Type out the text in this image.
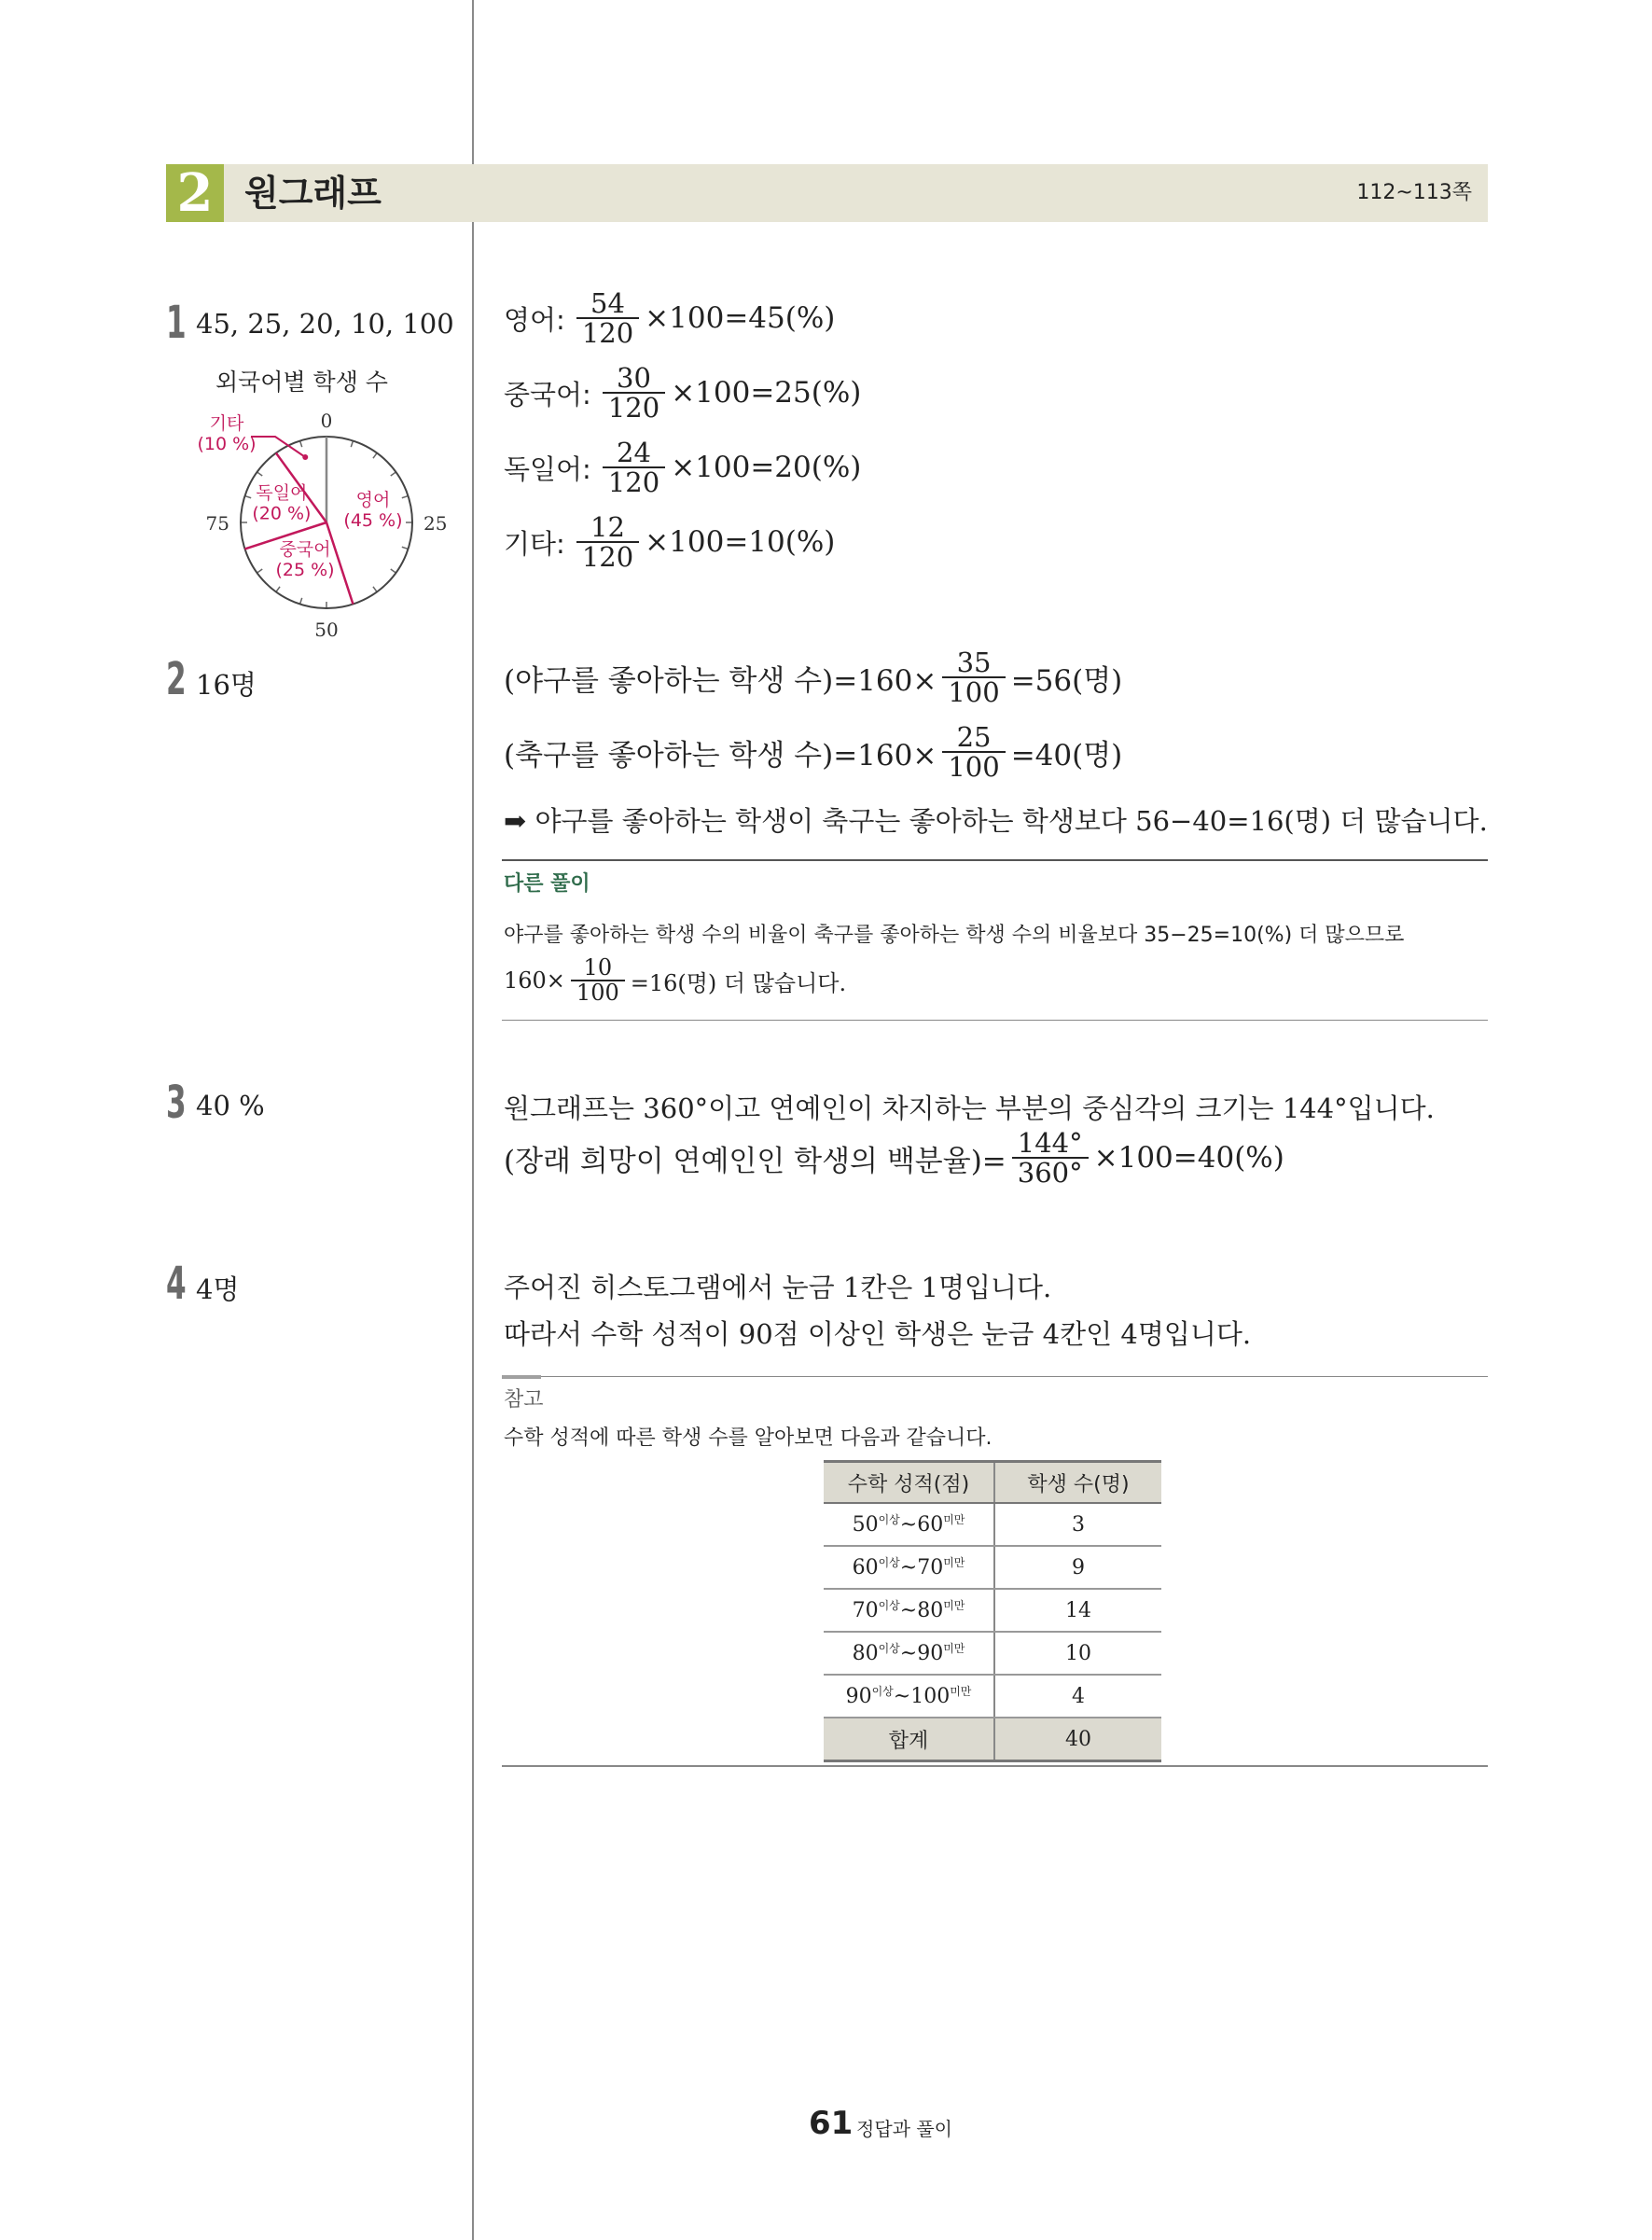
2 원그래프	112~113쪽
1 45, 25, 20, 10, 100
외국어별 학생 수
0
25
50
75
영어 (45 %)
중국어 (25 %)
독일어 (20 %)
기타 (10 %)
영어: $\frac{54}{120} \times 100=45(\%)$
중국어: $\frac{30}{120} \times 100=25(\%)$
독일어: $\frac{24}{120} \times 100=20(\%)$
기타: $\frac{12}{120} \times 100=10(\%)$
2 16명	(야구를 좋아하는 학생 수)$=160\times \frac{35}{100} =56$(명)
(축구를 좋아하는 학생 수)$=160\times \frac{25}{100} =40$(명)
➡ 야구를 좋아하는 학생이 축구는 좋아하는 학생보다 56−40=16(명) 더 많습니다.
다른 풀이
야구를 좋아하는 학생 수의 비율이 축구를 좋아하는 학생 수의 비율보다 35−25=10(%) 더 많으므로
$160\times \frac{10}{100} =16$(명) 더 많습니다.
3 40 %	원그래프는 360°이고 연예인이 차지하는 부분의 중심각의 크기는 144°입니다.
(장래 희망이 연예인인 학생의 백분율)= $\frac{144^\circ}{360^\circ} \times 100=40(\%)$
4 4명	주어진 히스토그램에서 눈금 1칸은 1명입니다.
따라서 수학 성적이 90점 이상인 학생은 눈금 4칸인 4명입니다.
참고
수학 성적에 따른 학생 수를 알아보면 다음과 같습니다.
수학 성적(점)	학생 수(명)
$50^{이상}\sim 60^{미만}$	3
$60^{이상}\sim 70^{미만}$	9
$70^{이상}\sim 80^{미만}$	14
$80^{이상}\sim 90^{미만}$	10
$90^{이상}\sim 100^{미만}$	4
합계	40
61 정답과 풀이
